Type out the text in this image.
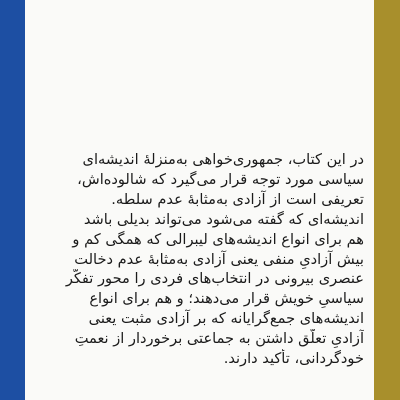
در این کتاب، جمهوری‌خواهی به‌منزلهٔ اندیشه‌ای
سیاسی مورد توجه قرار می‌گیرد که شالوده‌اش،
تعریفی است از آزادی به‌مثابهٔ عدم سلطه.
اندیشه‌ای که گفته می‌شود می‌تواند بدیلی باشد
هم برای انواع اندیشه‌های لیبرالی که همگی کم و
بیش آزادیِ منفی یعنی آزادی به‌مثابهٔ عدم دخالت
عنصری بیرونی در انتخاب‌های فردی را محور تفکّر
سیاسیِ خویش قرار می‌دهند؛ و هم برای انواع
اندیشه‌های جمع‌گرایانه که بر آزادی مثبت یعنی
آزادیِ تعلّق داشتن به جماعتی برخوردار از نعمتِ
خودگردانی، تأکید دارند.
